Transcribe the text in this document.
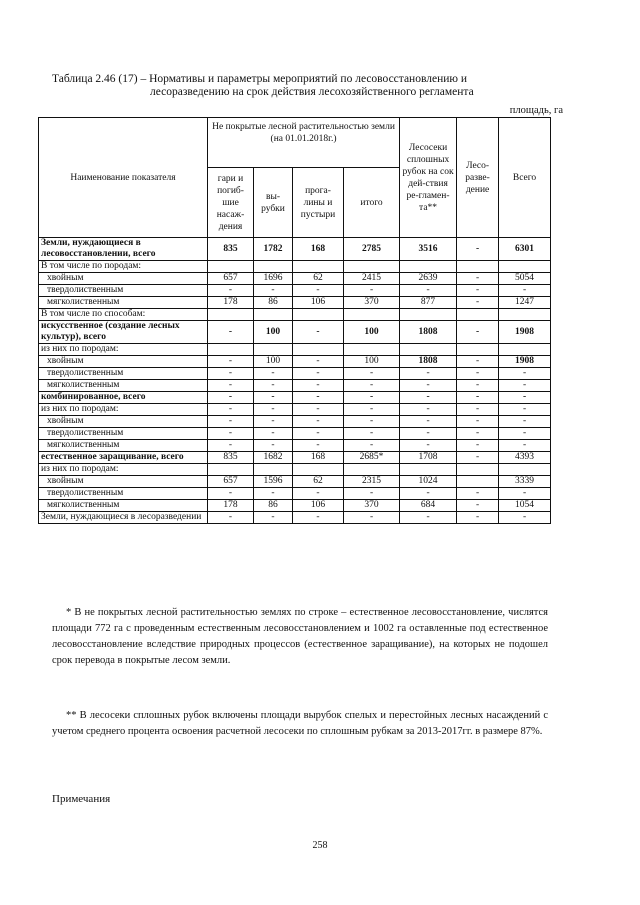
Таблица 2.46 (17) – Нормативы и параметры мероприятий по лесовосстановлению и
лесоразведению на срок действия лесохозяйственного регламента
площадь, га
Наименование показателя	Не покрытые лесной растительностью земли (на 01.01.2018г.)				Лесосеки сплошных рубок на сок дей-ствия ре-гламен-та**	Лесо-разве-дение	Всего
	гари и погиб-шие насаж-дения	вы-рубки	прога-лины и пустыри	итого			
Земли, нуждающиеся в лесовосстановлении, всего	835	1782	168	2785	3516	-	6301
В том числе по породам:							
хвойным	657	1696	62	2415	2639	-	5054
твердолиственным	-	-	-	-	-	-	-
мягколиственным	178	86	106	370	877	-	1247
В том числе по способам:							
искусственное (создание лесных культур), всего	-	100	-	100	1808	-	1908
из них по породам:							
хвойным	-	100	-	100	1808	-	1908
твердолиственным	-	-	-	-	-	-	-
мягколиственным	-	-	-	-	-	-	-
комбинированное, всего	-	-	-	-	-	-	-
из них по породам:	-	-	-	-	-	-	-
хвойным	-	-	-	-	-	-	-
твердолиственным	-	-	-	-	-	-	-
мягколиственным	-	-	-	-	-	-	-
естественное заращивание, всего	835	1682	168	2685*	1708	-	4393
из них по породам:							
хвойным	657	1596	62	2315	1024		3339
твердолиственным	-	-	-	-	-	-	-
мягколиственным	178	86	106	370	684	-	1054
Земли, нуждающиеся в лесоразведении	-	-	-	-	-	-	-
* В не покрытых лесной растительностью землях по строке – естественное лесовосстановление, числятся площади 772 га с проведенным естественным лесовосстановлением и 1002 га оставленные под естественное лесовосстановление вследствие природных процессов (естественное заращивание), на которых не подошел срок перевода в покрытые лесом земли.
** В лесосеки сплошных рубок включены площади вырубок спелых и перестойных лесных насаждений с учетом среднего процента освоения расчетной лесосеки по сплошным рубкам за 2013-2017гг. в размере 87%.
Примечания
258
